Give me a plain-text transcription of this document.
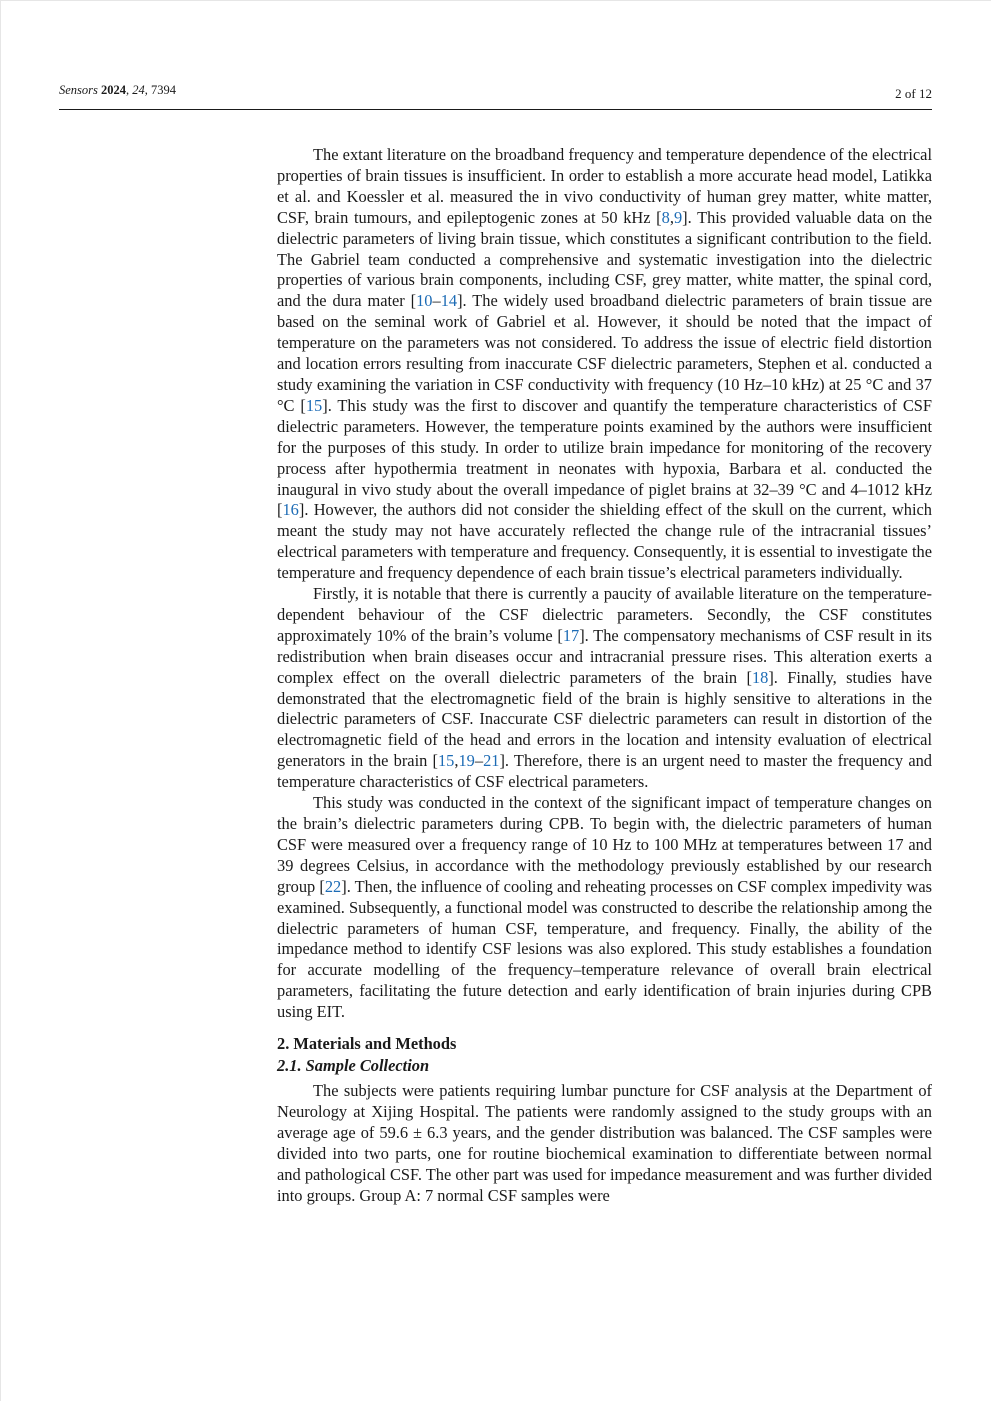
Sensors 2024, 24, 7394	2 of 12

The extant literature on the broadband frequency and temperature dependence of the electrical properties of brain tissues is insufficient. In order to establish a more accurate head model, Latikka et al. and Koessler et al. measured the in vivo conductivity of human grey matter, white matter, CSF, brain tumours, and epileptogenic zones at 50 kHz [8,9]. This provided valuable data on the dielectric parameters of living brain tissue, which constitutes a significant contribution to the field. The Gabriel team conducted a comprehensive and systematic investigation into the dielectric properties of various brain components, including CSF, grey matter, white matter, the spinal cord, and the dura mater [10–14]. The widely used broadband dielectric parameters of brain tissue are based on the seminal work of Gabriel et al. However, it should be noted that the impact of temperature on the parameters was not considered. To address the issue of electric field distortion and location errors resulting from inaccurate CSF dielectric parameters, Stephen et al. conducted a study examining the variation in CSF conductivity with frequency (10 Hz–10 kHz) at 25 °C and 37 °C [15]. This study was the first to discover and quantify the temperature characteristics of CSF dielectric parameters. However, the temperature points examined by the authors were insufficient for the purposes of this study. In order to utilize brain impedance for monitoring of the recovery process after hypothermia treatment in neonates with hypoxia, Barbara et al. conducted the inaugural in vivo study about the overall impedance of piglet brains at 32–39 °C and 4–1012 kHz [16]. However, the authors did not consider the shielding effect of the skull on the current, which meant the study may not have accurately reflected the change rule of the intracranial tissues’ electrical parameters with temperature and frequency. Consequently, it is essential to investigate the temperature and frequency dependence of each brain tissue’s electrical parameters individually.

Firstly, it is notable that there is currently a paucity of available literature on the temperature-dependent behaviour of the CSF dielectric parameters. Secondly, the CSF constitutes approximately 10% of the brain’s volume [17]. The compensatory mechanisms of CSF result in its redistribution when brain diseases occur and intracranial pressure rises. This alteration exerts a complex effect on the overall dielectric parameters of the brain [18]. Finally, studies have demonstrated that the electromagnetic field of the brain is highly sensitive to alterations in the dielectric parameters of CSF. Inaccurate CSF dielectric parameters can result in distortion of the electromagnetic field of the head and errors in the location and intensity evaluation of electrical generators in the brain [15,19–21]. Therefore, there is an urgent need to master the frequency and temperature characteristics of CSF electrical parameters.

This study was conducted in the context of the significant impact of temperature changes on the brain’s dielectric parameters during CPB. To begin with, the dielectric parameters of human CSF were measured over a frequency range of 10 Hz to 100 MHz at temperatures between 17 and 39 degrees Celsius, in accordance with the methodology previously established by our research group [22]. Then, the influence of cooling and reheating processes on CSF complex impedivity was examined. Subsequently, a functional model was constructed to describe the relationship among the dielectric parameters of human CSF, temperature, and frequency. Finally, the ability of the impedance method to identify CSF lesions was also explored. This study establishes a foundation for accurate modelling of the frequency–temperature relevance of overall brain electrical parameters, facilitating the future detection and early identification of brain injuries during CPB using EIT.

2. Materials and Methods
2.1. Sample Collection

The subjects were patients requiring lumbar puncture for CSF analysis at the Department of Neurology at Xijing Hospital. The patients were randomly assigned to the study groups with an average age of 59.6 ± 6.3 years, and the gender distribution was balanced. The CSF samples were divided into two parts, one for routine biochemical examination to differentiate between normal and pathological CSF. The other part was used for impedance measurement and was further divided into groups. Group A: 7 normal CSF samples were
